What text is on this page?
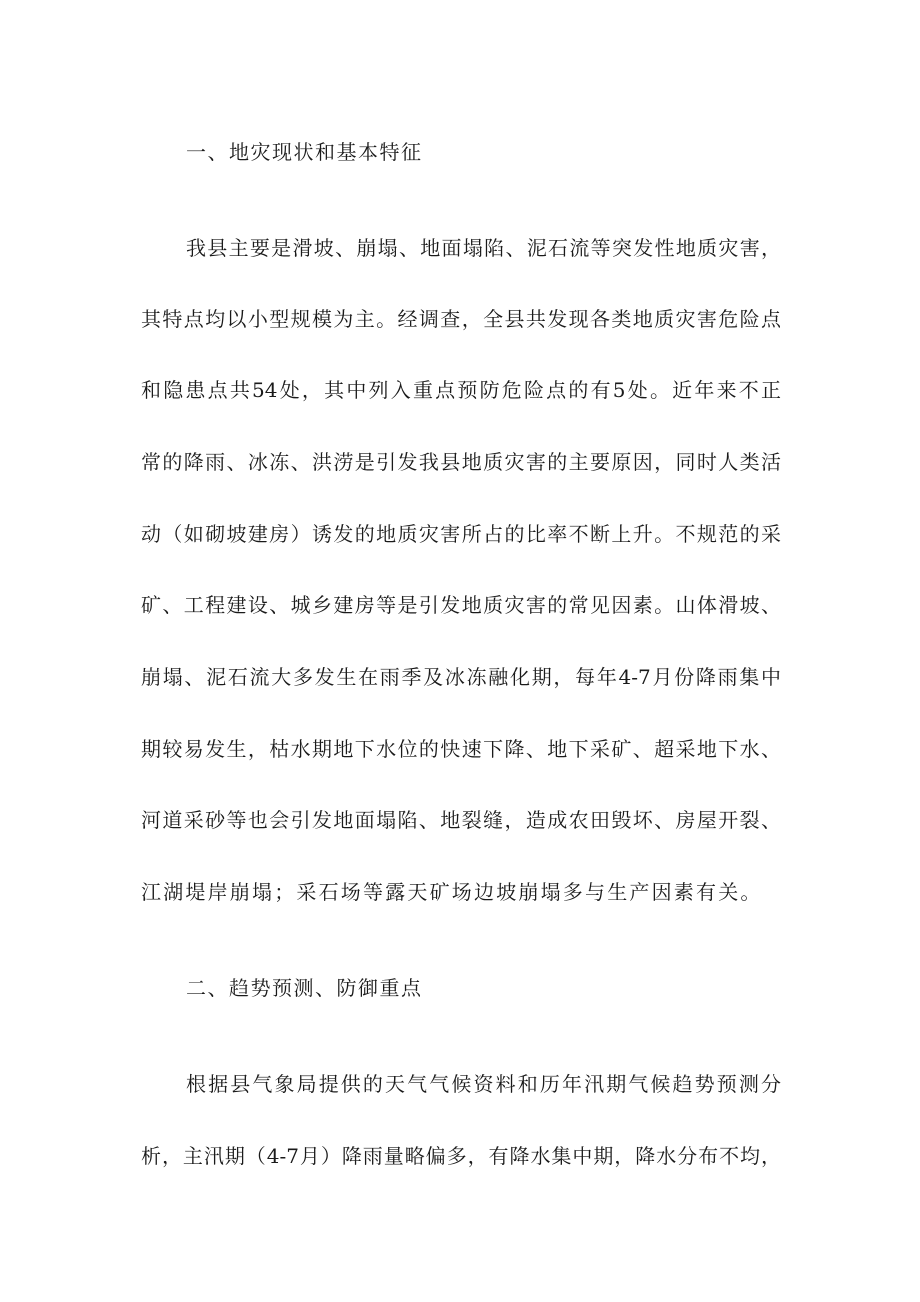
一、地灾现状和基本特征
我县主要是滑坡、崩塌、地面塌陷、泥石流等突发性地质灾害，
其特点均以小型规模为主。经调查，全县共发现各类地质灾害危险点
和隐患点共54处，其中列入重点预防危险点的有5处。近年来不正
常的降雨、冰冻、洪涝是引发我县地质灾害的主要原因，同时人类活
动（如砌坡建房）诱发的地质灾害所占的比率不断上升。不规范的采
矿、工程建设、城乡建房等是引发地质灾害的常见因素。山体滑坡、
崩塌、泥石流大多发生在雨季及冰冻融化期，每年4-7月份降雨集中
期较易发生，枯水期地下水位的快速下降、地下采矿、超采地下水、
河道采砂等也会引发地面塌陷、地裂缝，造成农田毁坏、房屋开裂、
江湖堤岸崩塌；采石场等露天矿场边坡崩塌多与生产因素有关。
二、趋势预测、防御重点
根据县气象局提供的天气气候资料和历年汛期气候趋势预测分
析，主汛期（4-7月）降雨量略偏多，有降水集中期，降水分布不均，
